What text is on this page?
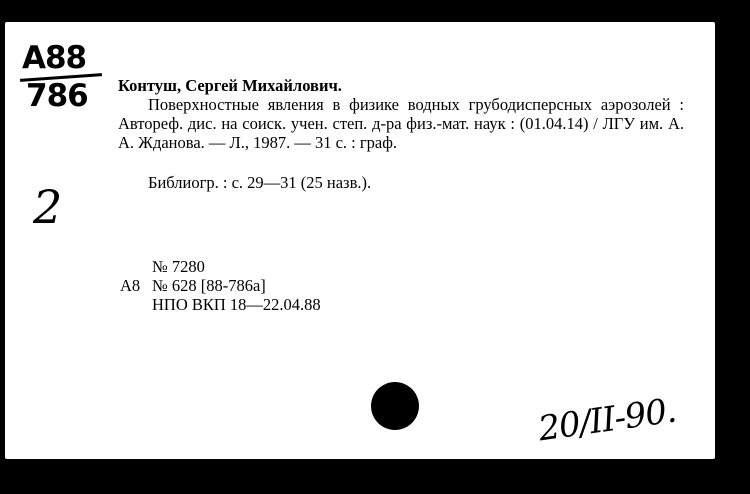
А88
786
2
Контуш, Сергей Михайлович.
Поверхностные явления в физике водных грубодисперсных аэрозолей : Автореф. дис. на соиск. учен. степ. д-ра физ.-мат. наук : (01.04.14) / ЛГУ им. А. А. Жданова. — Л., 1987. — 31 с. : граф.
Библиогр. : с. 29—31 (25 назв.).
№ 7280
А8 № 628 [88-786а]
НПО ВКП 18—22.04.88
20/II-90.
